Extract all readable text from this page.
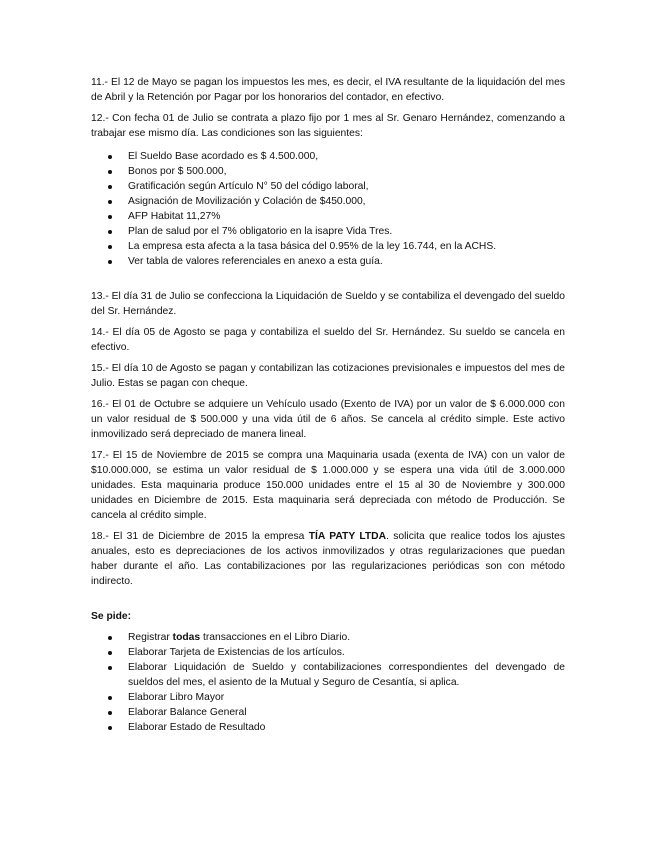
11.- El 12 de Mayo se pagan los impuestos les mes, es decir, el IVA resultante de la liquidación del mes de Abril y la Retención por Pagar por los honorarios del contador, en efectivo.

12.- Con fecha 01 de Julio se contrata a plazo fijo por 1 mes al Sr. Genaro Hernández, comenzando a trabajar ese mismo día. Las condiciones son las siguientes:

El Sueldo Base acordado es $ 4.500.000,
Bonos por $ 500.000,
Gratificación según Artículo N° 50 del código laboral,
Asignación de Movilización y Colación de $450.000,
AFP Habitat 11,27%
Plan de salud por el 7% obligatorio en la isapre Vida Tres.
La empresa esta afecta a la tasa básica del 0.95% de la ley 16.744, en la ACHS.
Ver tabla de valores referenciales en anexo a esta guía.

13.- El día 31 de Julio se confecciona la Liquidación de Sueldo y se contabiliza el devengado del sueldo del Sr. Hernández.

14.- El día 05 de Agosto se paga y contabiliza el sueldo del Sr. Hernández. Su sueldo se cancela en efectivo.

15.- El día 10 de Agosto se pagan y contabilizan las cotizaciones previsionales e impuestos del mes de Julio. Estas se pagan con cheque.

16.- El 01 de Octubre se adquiere un Vehículo usado (Exento de IVA) por un valor de $ 6.000.000 con un valor residual de $ 500.000 y una vida útil de 6 años. Se cancela al crédito simple. Este activo inmovilizado será depreciado de manera lineal.

17.- El 15 de Noviembre de 2015 se compra una Maquinaria usada (exenta de IVA) con un valor de $10.000.000, se estima un valor residual de $ 1.000.000 y se espera una vida útil de 3.000.000 unidades. Esta maquinaria produce 150.000 unidades entre el 15 al 30 de Noviembre y 300.000 unidades en Diciembre de 2015. Esta maquinaria será depreciada con método de Producción. Se cancela al crédito simple.

18.- El 31 de Diciembre de 2015 la empresa TÍA PATY LTDA. solicita que realice todos los ajustes anuales, esto es depreciaciones de los activos inmovilizados y otras regularizaciones que puedan haber durante el año. Las contabilizaciones por las regularizaciones periódicas son con método indirecto.

Se pide:

Registrar todas transacciones en el Libro Diario.
Elaborar Tarjeta de Existencias de los artículos.
Elaborar Liquidación de Sueldo y contabilizaciones correspondientes del devengado de sueldos del mes, el asiento de la Mutual y Seguro de Cesantía, si aplica.
Elaborar Libro Mayor
Elaborar Balance General
Elaborar Estado de Resultado
